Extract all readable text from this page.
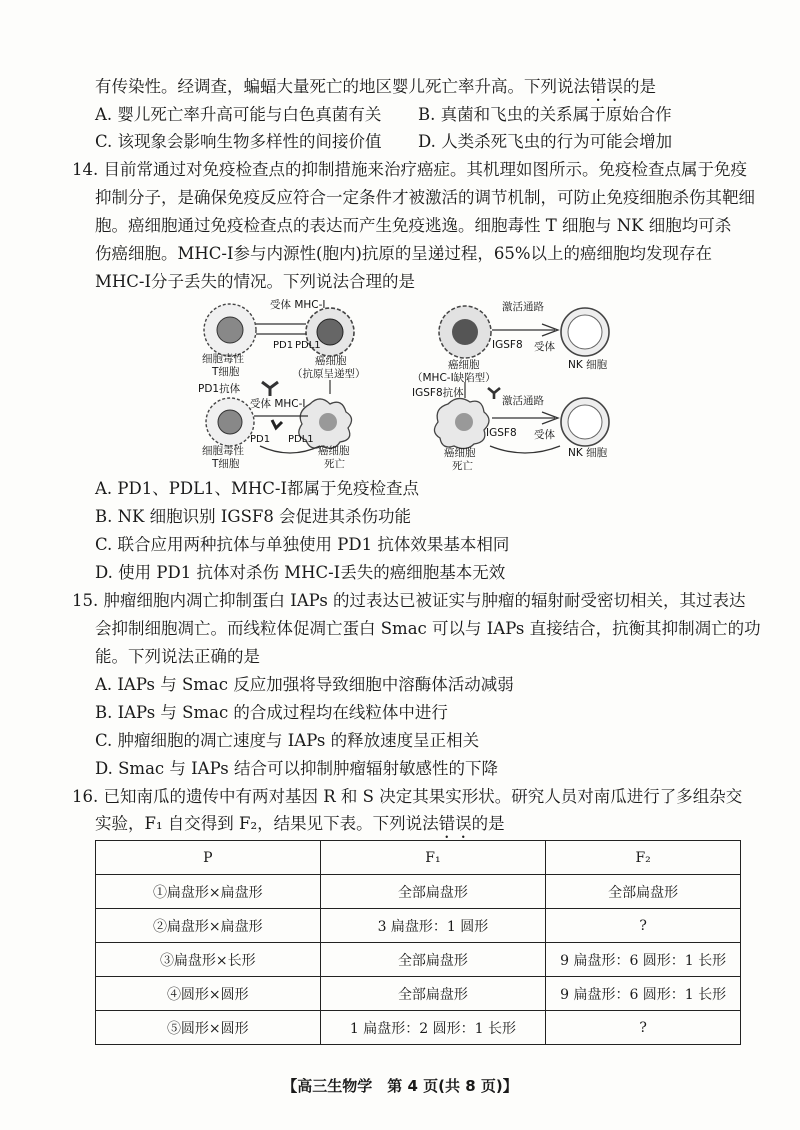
有传染性。经调查，蝙蝠大量死亡的地区婴儿死亡率升高。下列说法错误的是
A. 婴儿死亡率升高可能与白色真菌有关 B. 真菌和飞虫的关系属于原始合作
C. 该现象会影响生物多样性的间接价值 D. 人类杀死飞虫的行为可能会增加
14. 目前常通过对免疫检查点的抑制措施来治疗癌症。其机理如图所示。免疫检查点属于免疫
抑制分子，是确保免疫反应符合一定条件才被激活的调节机制，可防止免疫细胞杀伤其靶细
胞。癌细胞通过免疫检查点的表达而产生免疫逃逸。细胞毒性 T 细胞与 NK 细胞均可杀
伤癌细胞。MHC-Ⅰ参与内源性(胞内)抗原的呈递过程，65%以上的癌细胞均发现存在
MHC-Ⅰ分子丢失的情况。下列说法合理的是
受体 MHC-Ⅰ
PD1 PDL1
细胞毒性
T细胞
癌细胞
（抗原呈递型）
PD1抗体
受体 MHC-Ⅰ
PD1 PDL1
细胞毒性
T细胞
癌细胞
死亡
激活通路
IGSF8 受体
NK 细胞
癌细胞
（MHC-Ⅰ缺陷型）
IGSF8抗体
激活通路
IGSF8 受体
NK 细胞
癌细胞
死亡
A. PD1、PDL1、MHC-Ⅰ都属于免疫检查点
B. NK 细胞识别 IGSF8 会促进其杀伤功能
C. 联合应用两种抗体与单独使用 PD1 抗体效果基本相同
D. 使用 PD1 抗体对杀伤 MHC-Ⅰ丢失的癌细胞基本无效
15. 肿瘤细胞内凋亡抑制蛋白 IAPs 的过表达已被证实与肿瘤的辐射耐受密切相关，其过表达
会抑制细胞凋亡。而线粒体促凋亡蛋白 Smac 可以与 IAPs 直接结合，抗衡其抑制凋亡的功
能。下列说法正确的是
A. IAPs 与 Smac 反应加强将导致细胞中溶酶体活动减弱
B. IAPs 与 Smac 的合成过程均在线粒体中进行
C. 肿瘤细胞的凋亡速度与 IAPs 的释放速度呈正相关
D. Smac 与 IAPs 结合可以抑制肿瘤辐射敏感性的下降
16. 已知南瓜的遗传中有两对基因 R 和 S 决定其果实形状。研究人员对南瓜进行了多组杂交
实验，F₁ 自交得到 F₂，结果见下表。下列说法错误的是
P	F₁	F₂
①扁盘形×扁盘形	全部扁盘形	全部扁盘形
②扁盘形×扁盘形	3 扁盘形：1 圆形	?
③扁盘形×长形	全部扁盘形	9 扁盘形：6 圆形：1 长形
④圆形×圆形	全部扁盘形	9 扁盘形：6 圆形：1 长形
⑤圆形×圆形	1 扁盘形：2 圆形：1 长形	?
【高三生物学　第 4 页(共 8 页)】
